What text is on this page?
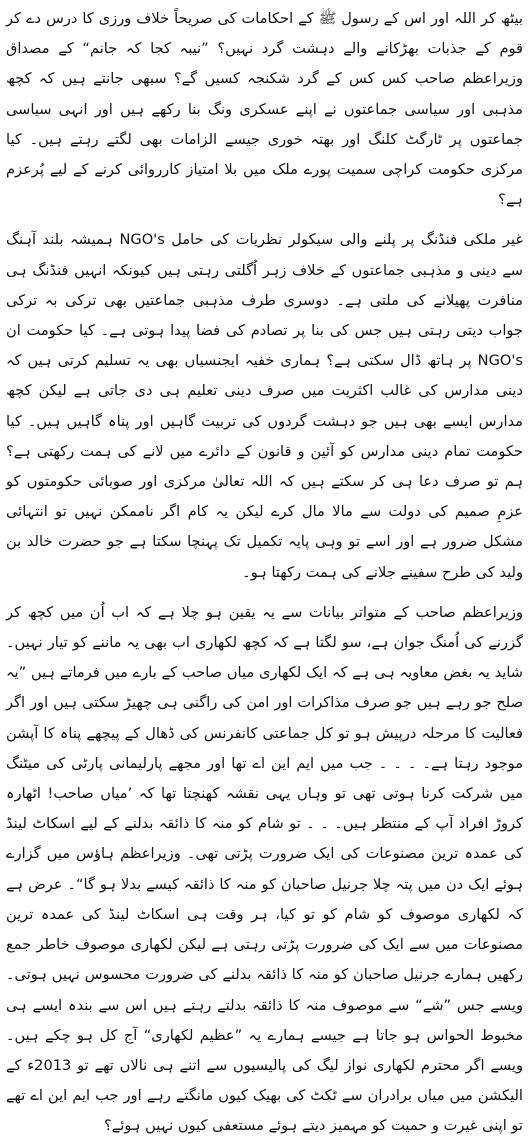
بیٹھ کر اللہ اور اس کے رسول ﷺ کے احکامات کی صریحاً خلاف ورزی کا درس دے کر قوم کے جذبات بھڑکانے والے دہشت گرد نہیں؟ ”نیبہ کجا کہ جانم“ کے مصداق وزیراعظم صاحب کس کس کے گرد شکنجہ کسیں گے؟ سبھی جانتے ہیں کہ کچھ مذہبی اور سیاسی جماعتوں نے اپنے عسکری ونگ بنا رکھے ہیں اور انہی سیاسی جماعتوں پر ٹارگٹ کلنگ اور بھتہ خوری جیسے الزامات بھی لگتے رہتے ہیں۔ کیا مرکزی حکومت کراچی سمیت پورے ملک میں بلا امتیاز کارروائی کرنے کے لیے پُرعزم ہے؟

غیر ملکی فنڈنگ پر پلنے والی سیکولر نظریات کی حامل NGO's ہمیشہ بلند آہنگ سے دینی و مذہبی جماعتوں کے خلاف زہر اُگلتی رہتی ہیں کیونکہ انہیں فنڈنگ ہی منافرت پھیلانے کی ملتی ہے۔ دوسری طرف مذہبی جماعتیں بھی ترکی بہ ترکی جواب دیتی رہتی ہیں جس کی بنا پر تصادم کی فضا پیدا ہوتی ہے۔ کیا حکومت ان NGO's پر ہاتھ ڈال سکتی ہے؟ ہماری خفیہ ایجنسیاں بھی یہ تسلیم کرتی ہیں کہ دینی مدارس کی غالب اکثریت میں صرف دینی تعلیم ہی دی جاتی ہے لیکن کچھ مدارس ایسے بھی ہیں جو دہشت گردوں کی تربیت گاہیں اور پناہ گاہیں ہیں۔ کیا حکومت تمام دینی مدارس کو آئین و قانون کے دائرے میں لانے کی ہمت رکھتی ہے؟ ہم تو صرف دعا ہی کر سکتے ہیں کہ اللہ تعالیٰ مرکزی اور صوبائی حکومتوں کو عزمِ صمیم کی دولت سے مالا مال کرے لیکن یہ کام اگر ناممکن نہیں تو انتہائی مشکل ضرور ہے اور اسے تو وہی پایہ تکمیل تک پہنچا سکتا ہے جو حضرت خالد بن ولید کی طرح سفینے جلانے کی ہمت رکھتا ہو۔

وزیراعظم صاحب کے متواتر بیانات سے یہ یقین ہو چلا ہے کہ اب اُن میں کچھ کر گزرنے کی اُمنگ جوان ہے، سو لگتا ہے کہ کچھ لکھاری اب بھی یہ ماننے کو تیار نہیں۔ شاید یہ بغض معاویہ ہی ہے کہ ایک لکھاری میاں صاحب کے بارے میں فرماتے ہیں ”یہ صلح جو رہے ہیں جو صرف مذاکرات اور امن کی راگنی ہی چھیڑ سکتی ہیں اور اگر فعالیت کا مرحلہ درپیش ہو تو کل جماعتی کانفرنس کی ڈھال کے پیچھے پناہ کا آپشن موجود رہتا ہے۔ ۔ ۔ ۔ جب میں ایم این اے تھا اور مجھے پارلیمانی پارٹی کی میٹنگ میں شرکت کرنا ہوتی تھی تو وہاں یہی نقشہ کھنچتا تھا کہ ’میاں صاحب! اٹھارہ کروڑ افراد آپ کے منتظر ہیں۔ ۔ ۔ تو شام کو منہ کا ذائقہ بدلنے کے لیے اسکاٹ لینڈ کی عمدہ ترین مصنوعات کی ایک ضرورت پڑتی تھی۔ وزیراعظم ہاؤس میں گزارے ہوئے ایک دن میں پتہ چلا جرنیل صاحبان کو منہ کا ذائقہ کیسے بدلا ہو گا“۔ عرض ہے کہ لکھاری موصوف کو شام کو تو کیا، ہر وقت ہی اسکاٹ لینڈ کی عمدہ ترین مصنوعات میں سے ایک کی ضرورت پڑتی رہتی ہے لیکن لکھاری موصوف خاطر جمع رکھیں ہمارے جرنیل صاحبان کو منہ کا ذائقہ بدلنے کی ضرورت محسوس نہیں ہوتی۔ ویسے جس ”شے“ سے موصوف منہ کا ذائقہ بدلتے رہتے ہیں اس سے بندہ ایسے ہی مخبوط الحواس ہو جاتا ہے جیسے ہمارے یہ ”عظیم لکھاری“ آج کل ہو چکے ہیں۔ ویسے اگر محترم لکھاری نواز لیگ کی پالیسیوں سے اتنے ہی نالاں تھے تو 2013ء کے الیکشن میں میاں برادران سے ٹکٹ کی بھیک کیوں مانگتے رہے اور جب ایم این اے تھے تو اپنی غیرت و حمیت کو مہمیز دیتے ہوئے مستعفی کیوں نہیں ہوئے؟
